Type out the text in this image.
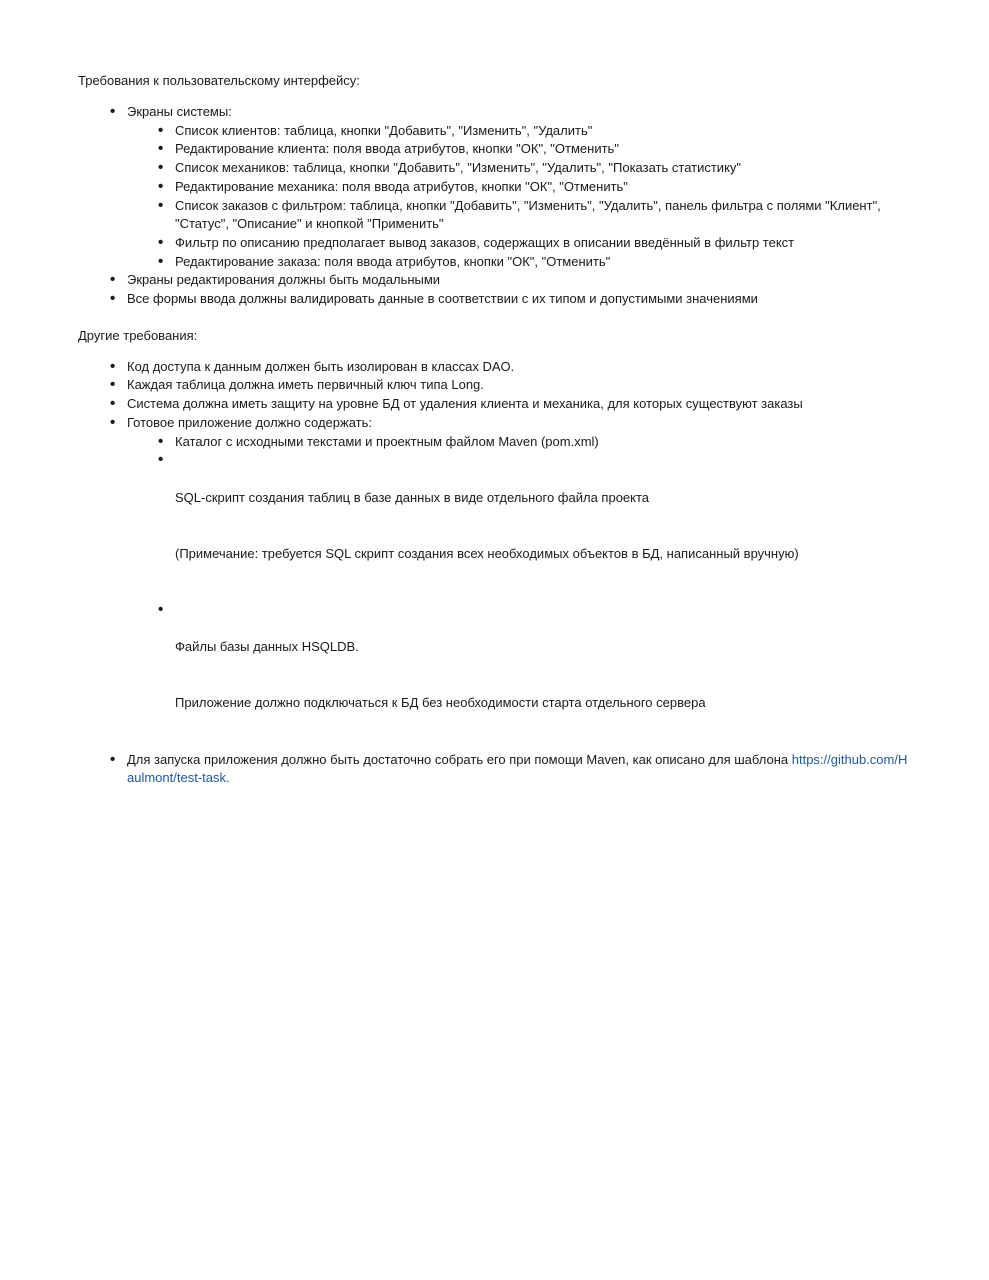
Требования к пользовательскому интерфейсу:

•
Экраны системы:
•
Список клиентов: таблица, кнопки "Добавить", "Изменить", "Удалить"
•
Редактирование клиента: поля ввода атрибутов, кнопки "ОК", "Отменить"
•
Список механиков: таблица, кнопки "Добавить", "Изменить", "Удалить", "Показать статистику"
•
Редактирование механика: поля ввода атрибутов, кнопки "ОК", "Отменить"
•
Список заказов с фильтром: таблица, кнопки "Добавить", "Изменить", "Удалить", панель фильтра с полями "Клиент", "Статус", "Описание" и кнопкой "Применить"
•
Фильтр по описанию предполагает вывод заказов, содержащих в описании введённый в фильтр текст
•
Редактирование заказа: поля ввода атрибутов, кнопки "ОК", "Отменить"
•
Экраны редактирования должны быть модальными
•
Все формы ввода должны валидировать данные в соответствии с их типом и допустимыми значениями

Другие требования:

•
Код доступа к данным должен быть изолирован в классах DAO.
•
Каждая таблица должна иметь первичный ключ типа Long.
•
Система должна иметь защиту на уровне БД от удаления клиента и механика, для которых существуют заказы
•
Готовое приложение должно содержать:
•
Каталог с исходными текстами и проектным файлом Maven (pom.xml)
•

SQL-скрипт создания таблиц в базе данных в виде отдельного файла проекта

(Примечание: требуется SQL скрипт создания всех необходимых объектов в БД, написанный вручную)

•

Файлы базы данных HSQLDB.

Приложение должно подключаться к БД без необходимости старта отдельного сервера

•
Для запуска приложения должно быть достаточно собрать его при помощи Maven, как описано для шаблона https://github.com/Haulmont/test-task.
